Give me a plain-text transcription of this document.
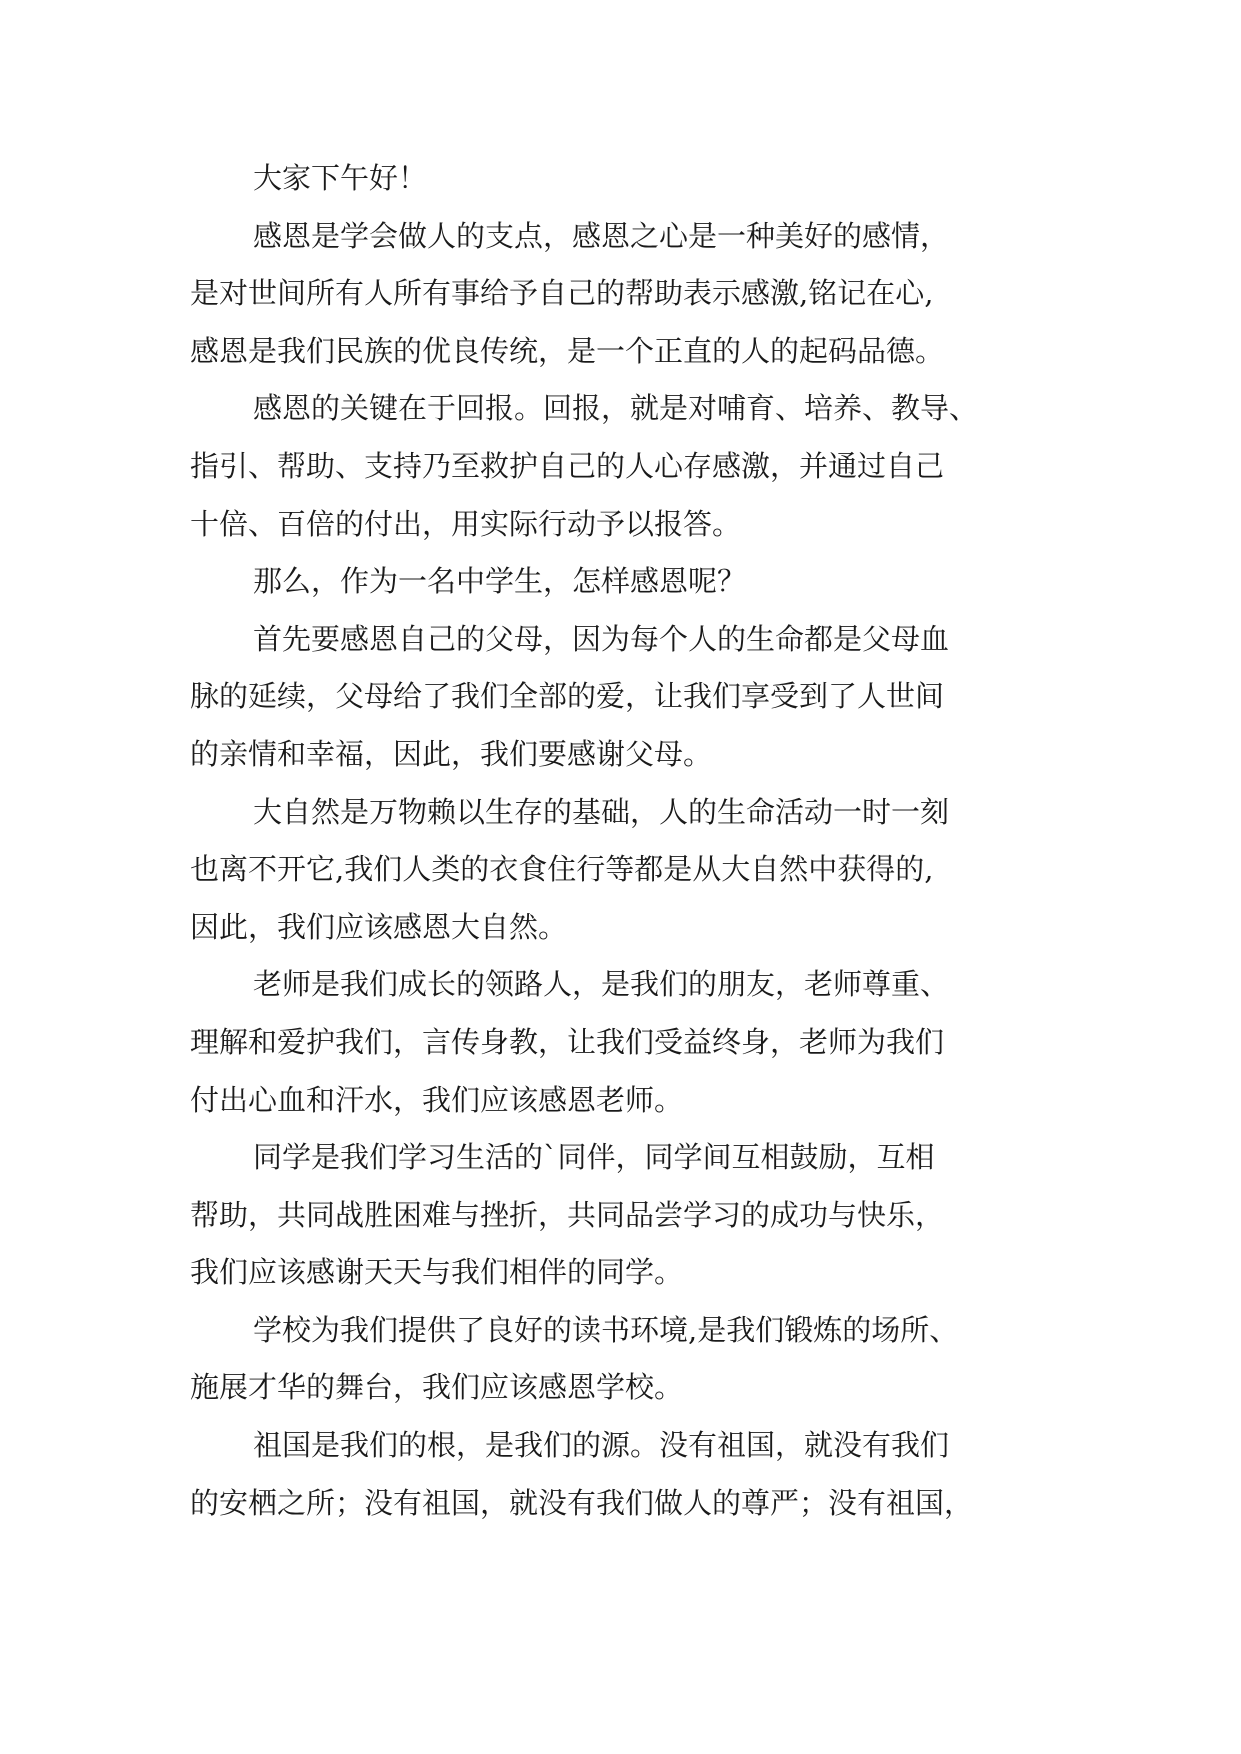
大家下午好！
感恩是学会做人的支点，感恩之心是一种美好的感情，
是对世间所有人所有事给予自己的帮助表示感激,铭记在心,
感恩是我们民族的优良传统，是一个正直的人的起码品德。
感恩的关键在于回报。回报，就是对哺育、培养、教导、
指引、帮助、支持乃至救护自己的人心存感激，并通过自己
十倍、百倍的付出，用实际行动予以报答。
那么，作为一名中学生，怎样感恩呢？
首先要感恩自己的父母，因为每个人的生命都是父母血
脉的延续，父母给了我们全部的爱，让我们享受到了人世间
的亲情和幸福，因此，我们要感谢父母。
大自然是万物赖以生存的基础，人的生命活动一时一刻
也离不开它,我们人类的衣食住行等都是从大自然中获得的,
因此，我们应该感恩大自然。
老师是我们成长的领路人，是我们的朋友，老师尊重、
理解和爱护我们，言传身教，让我们受益终身，老师为我们
付出心血和汗水，我们应该感恩老师。
同学是我们学习生活的`同伴，同学间互相鼓励，互相
帮助，共同战胜困难与挫折，共同品尝学习的成功与快乐，
我们应该感谢天天与我们相伴的同学。
学校为我们提供了良好的读书环境,是我们锻炼的场所、
施展才华的舞台，我们应该感恩学校。
祖国是我们的根，是我们的源。没有祖国，就没有我们
的安栖之所；没有祖国，就没有我们做人的尊严；没有祖国，
